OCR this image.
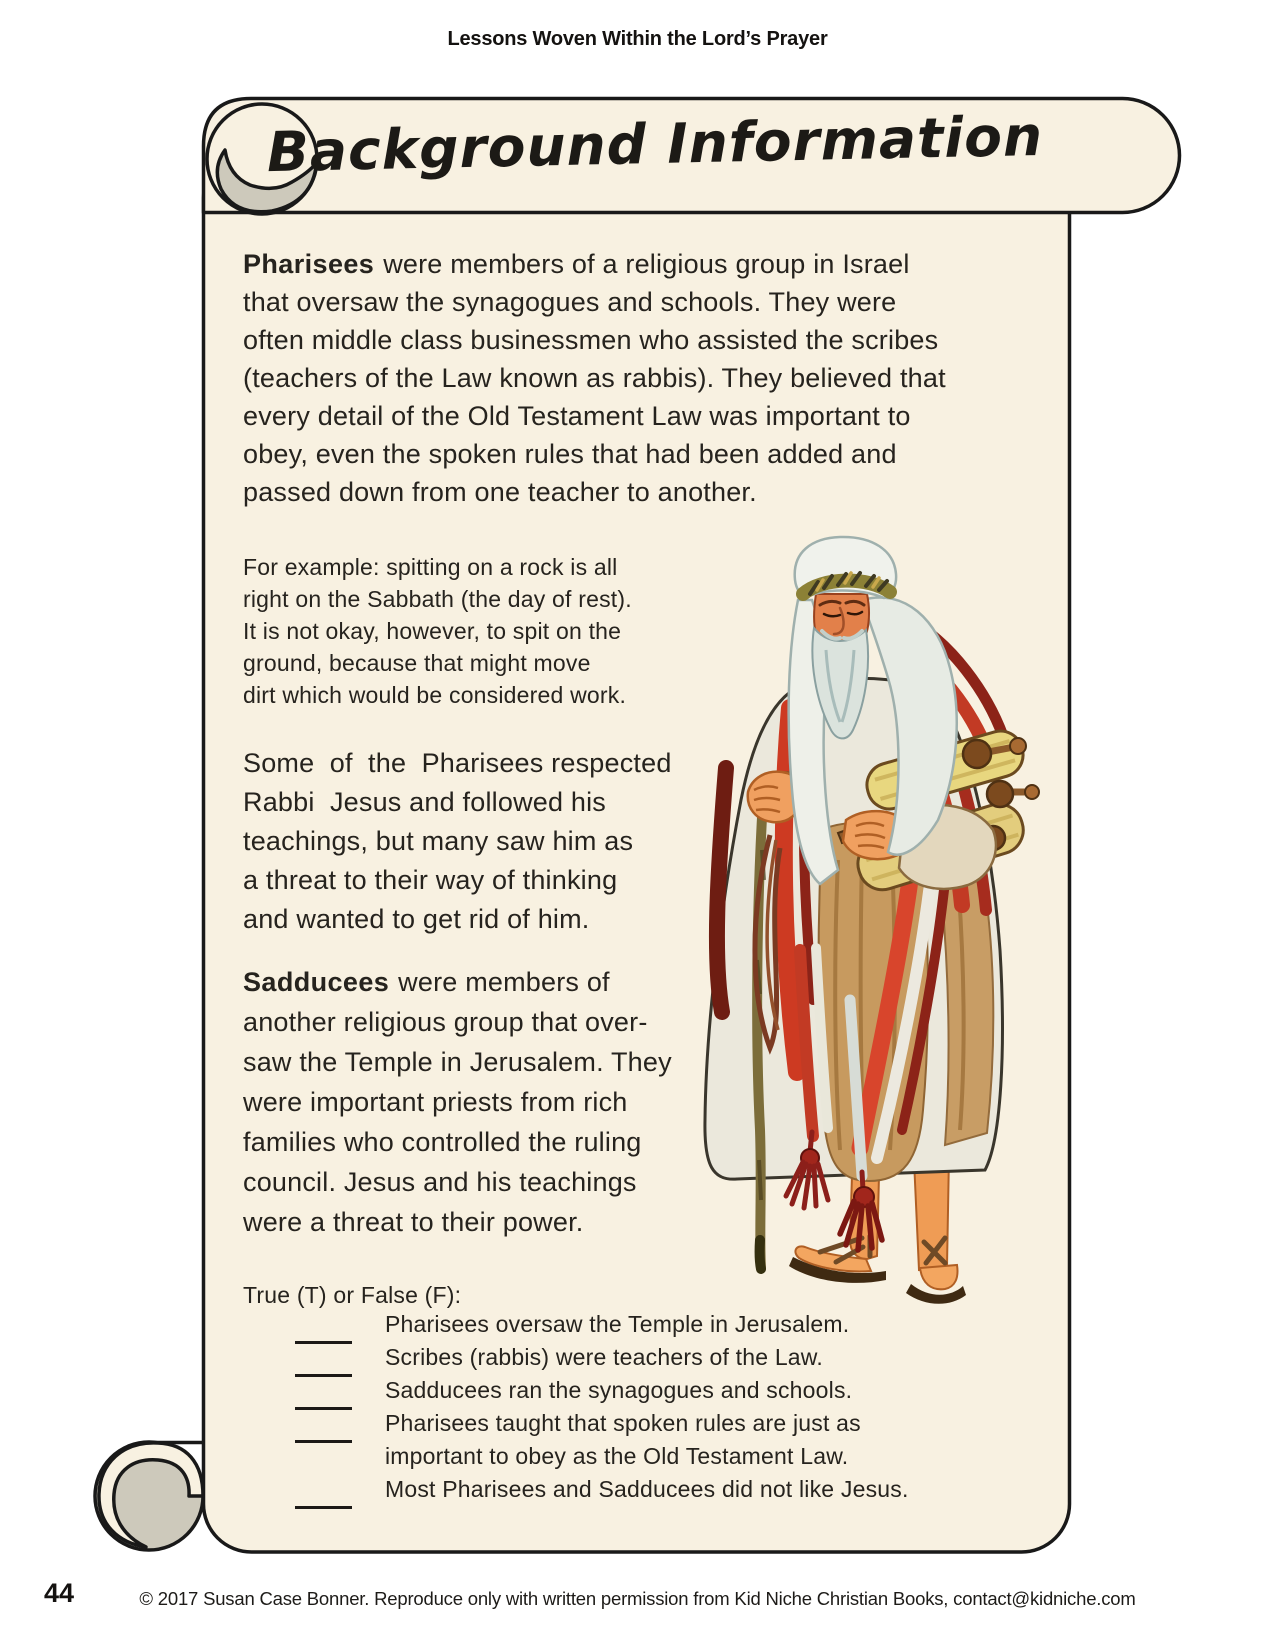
Lessons Woven Within the Lord’s Prayer
Background Information
Pharisees were members of a religious group in Israel
that oversaw the synagogues and schools. They were
often middle class businessmen who assisted the scribes
(teachers of the Law known as rabbis). They believed that
every detail of the Old Testament Law was important to
obey, even the spoken rules that had been added and
passed down from one teacher to another.
For example: spitting on a rock is all
right on the Sabbath (the day of rest).
It is not okay, however, to spit on the
ground, because that might move
dirt which would be considered work.
Some  of  the  Pharisees respected
Rabbi  Jesus and followed his
teachings, but many saw him as
a threat to their way of thinking
and wanted to get rid of him.
Sadducees were members of
another religious group that over-
saw the Temple in Jerusalem. They
were important priests from rich
families who controlled the ruling
council. Jesus and his teachings
were a threat to their power.
True (T) or False (F):
Pharisees oversaw the Temple in Jerusalem.
Scribes (rabbis) were teachers of the Law.
Sadducees ran the synagogues and schools.
Pharisees taught that spoken rules are just as
important to obey as the Old Testament Law.
Most Pharisees and Sadducees did not like Jesus.
44	© 2017 Susan Case Bonner. Reproduce only with written permission from Kid Niche Christian Books, contact@kidniche.com
